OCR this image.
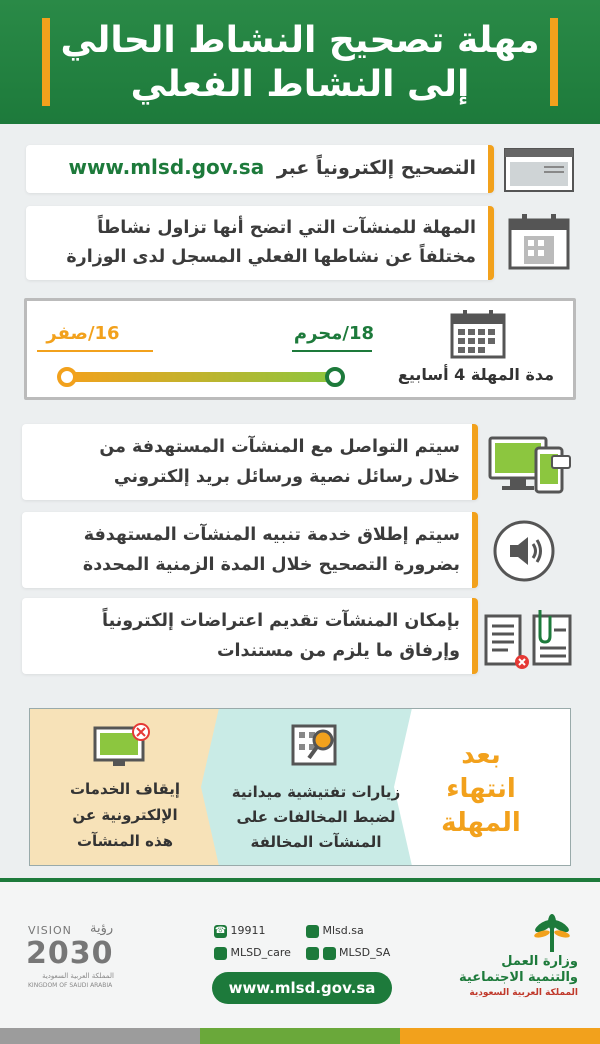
مهلة تصحيح النشاط الحالي
إلى النشاط الفعلي
التصحيح إلكترونياً عبر www.mlsd.gov.sa
المهلة للمنشآت التي اتضح أنها تزاول نشاطاً
مختلفاً عن نشاطها الفعلي المسجل لدى الوزارة
16/صفر	18/محرم
مدة المهلة 4 أسابيع
سيتم التواصل مع المنشآت المستهدفة من
خلال رسائل نصية ورسائل بريد إلكتروني
سيتم إطلاق خدمة تنبيه المنشآت المستهدفة
بضرورة التصحيح خلال المدة الزمنية المحددة
بإمكان المنشآت تقديم اعتراضات إلكترونياً
وإرفاق ما يلزم من مستندات
بعد
انتهاء
المهلة
زيارات تفتيشية ميدانية
لضبط المخالفات على
المنشآت المخالفة
إيقاف الخدمات
الإلكترونية عن
هذه المنشآت
VISION رؤية
2030
المملكة العربية السعودية
KINGDOM OF SAUDI ARABIA
☎ 19911	Mlsd.sa
MLSD_care	MLSD_SA
www.mlsd.gov.sa
وزارة العمل
والتنمية الاجتماعية
المملكة العربية السعودية
